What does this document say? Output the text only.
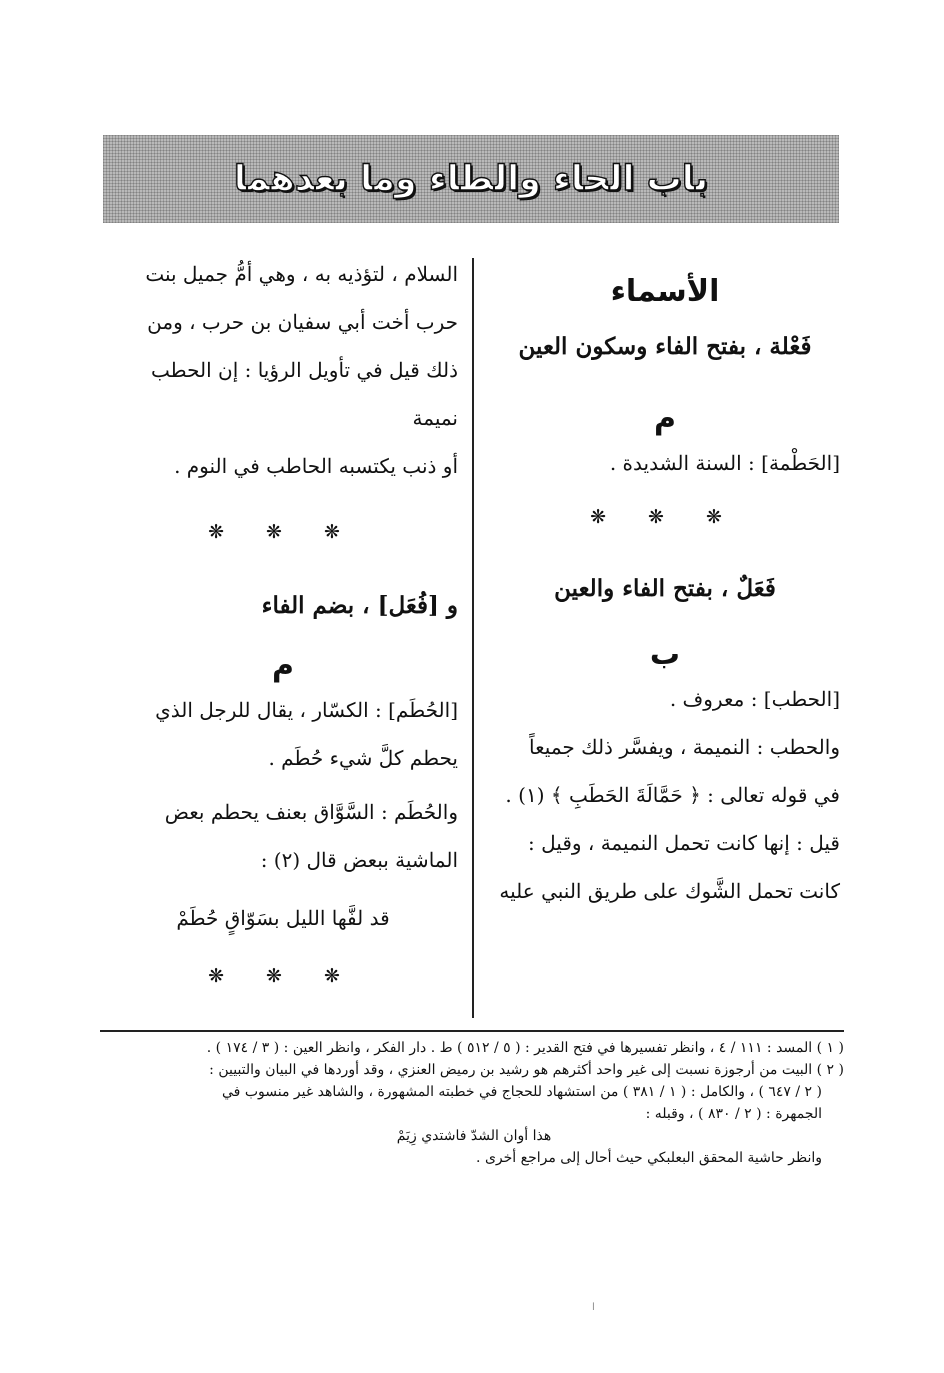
باب الحاء والطاء وما بعدهما
الأسماء

فَعْلة ، بفتح الفاء وسكون العين

م

[الحَطْمة] : السنة الشديدة .

❋ ❋ ❋

فَعَلٌ ، بفتح الفاء والعين

ب

[الحطب] : معروف .

والحطب : النميمة ، ويفسَّر ذلك جميعاً

في قوله تعالى : ﴿ حَمَّالَةَ الحَطَبِ ﴾ (١) .

قيل : إنها كانت تحمل النميمة ، وقيل :

كانت تحمل الشَّوك على طريق النبي عليه

السلام ، لتؤذيه به ، وهي أمُّ جميل بنت

حرب أخت أبي سفيان بن حرب ، ومن

ذلك قيل في تأويل الرؤيا : إن الحطب نميمة

أو ذنب يكتسبه الحاطب في النوم .

❋ ❋ ❋

و [فُعَل] ، بضم الفاء

م

[الحُطَم] : الكسّار ، يقال للرجل الذي

يحطم كلَّ شيء حُطَم .

والحُطَم : السَّوَّاق بعنف يحطم بعض

الماشية ببعض قال (٢) :

قد لفَّها الليل بسَوّاقٍ حُطَمْ
❋ ❋ ❋

( ١ ) المسد : ١١١ / ٤ ، وانظر تفسيرها في فتح القدير : ( ٥ / ٥١٢ ) ط . دار الفكر ، وانظر العين : ( ٣ / ١٧٤ ) .

( ٢ ) البيت من أرجوزة نسبت إلى غير واحد أكثرهم هو رشيد بن رميض العنزي ، وقد أوردها في البيان والتبيين :

( ٢ / ٦٤٧ ) ، والكامل : ( ١ / ٣٨١ ) من استشهاد للحجاج في خطبته المشهورة ، والشاهد غير منسوب في

الجمهرة : ( ٢ / ٨٣٠ ) ، وقبله :

هذا أوان الشدّ فاشتدي زِيَمْ

وانظر حاشية المحقق البعلبكي حيث أحال إلى مراجع أخرى .

ا
